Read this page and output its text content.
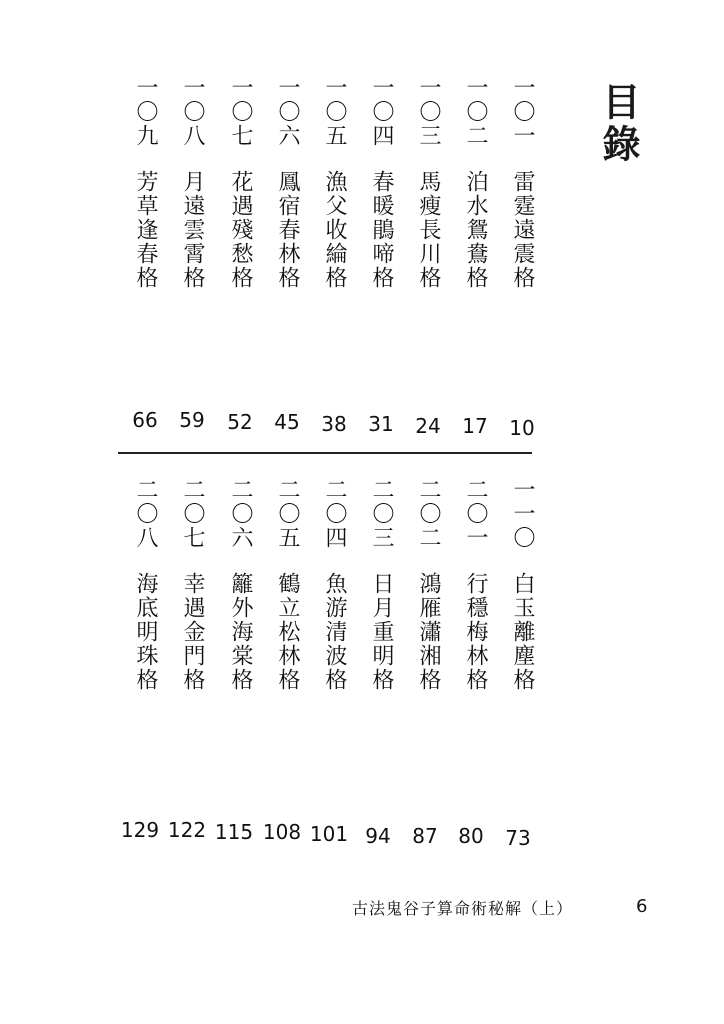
目錄
一〇一雷霆遠震格
一〇二泊水鴛鴦格
一〇三馬瘦長川格
一〇四春暖鵑啼格
一〇五漁父收綸格
一〇六鳳宿春林格
一〇七花遇殘愁格
一〇八月遠雲霄格
一〇九芳草逢春格
10
17
24
31
38
45
52
59
66
一一〇白玉離塵格
二〇一行穩梅林格
二〇二鴻雁瀟湘格
二〇三日月重明格
二〇四魚游清波格
二〇五鶴立松林格
二〇六籬外海棠格
二〇七幸遇金門格
二〇八海底明珠格
73
80
87
94
101
108
115
122
129
古法鬼谷子算命術秘解（上）	6
